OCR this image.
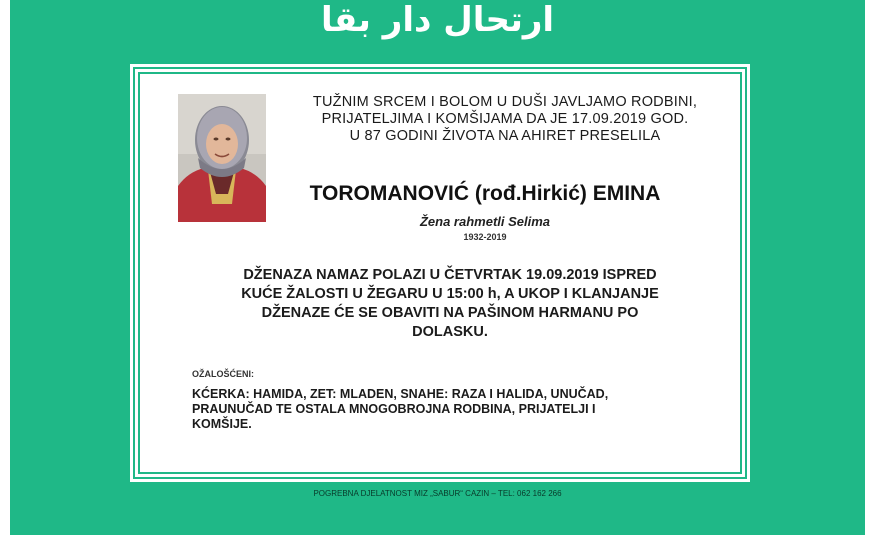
ارتحال دار بقا
TUŽNIM SRCEM I BOLOM U DUŠI JAVLJAMO RODBINI,
PRIJATELJIMA I KOMŠIJAMA DA JE 17.09.2019 GOD.
U 87 GODINI ŽIVOTA NA AHIRET PRESELILA
TOROMANOVIĆ (rođ.Hirkić) EMINA
Žena rahmetli Selima
1932-2019
DŽENAZA NAMAZ POLAZI U ČETVRTAK 19.09.2019 ISPRED
KUĆE ŽALOSTI U ŽEGARU U 15:00 h, A UKOP I KLANJANJE
DŽENAZE ĆE SE OBAVITI NA PAŠINOM HARMANU PO
DOLASKU.
OŽALOŠĆENI:
KĆERKA: HAMIDA, ZET: MLADEN, SNAHE: RAZA I HALIDA, UNUČAD,
PRAUNUČAD TE OSTALA MNOGOBROJNA RODBINA, PRIJATELJI I
KOMŠIJE.
POGREBNA DJELATNOST MIZ „SABUR“ CAZIN – TEL: 062 162 266
